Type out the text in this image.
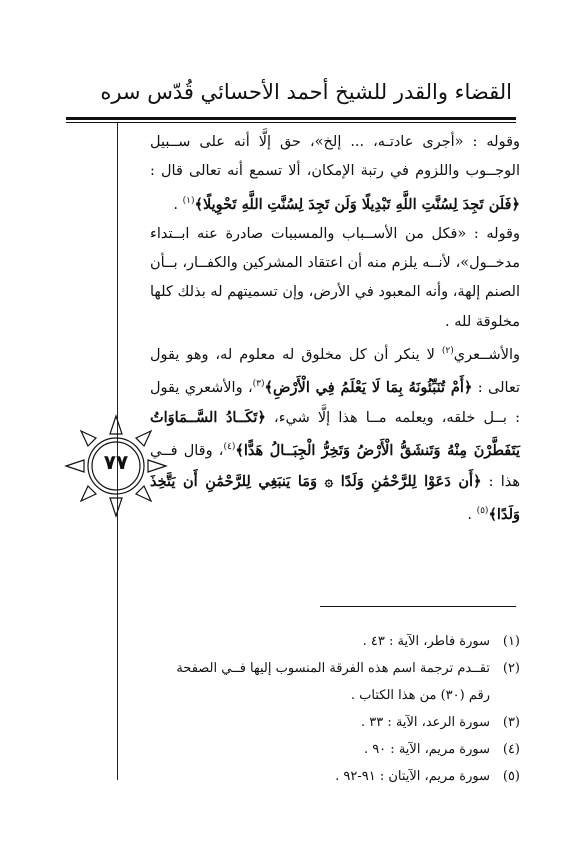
القضاء والقدر للشيخ أحمد الأحسائي قُدّس سره
٧٧

وقوله : «أجرى عادتـه، ... إلخ»، حق إلَّا أنه على ســبيل الوجــوب واللزوم في رتبة الإمكان، ألا تسمع أنه تعالى قال : ﴿فَلَن تَجِدَ لِسُنَّتِ اللَّهِ تَبْدِيلًا وَلَن تَجِدَ لِسُنَّتِ اللَّهِ تَحْوِيلًا﴾$^{(١)}$ .

وقوله : «فكل من الأســباب والمسببات صادرة عنه ابــتداء مدخــول»، لأنــه يلزم منه أن اعتقاد المشركين والكفــار، بــأن الصنم إلهة، وأنه المعبود في الأرض، وإن تسميتهم له بذلك كلها مخلوقة لله .

والأشــعري$^{(٢)}$ لا ينكر أن كل مخلوق له معلوم له، وهو يقول تعالى : ﴿أَمْ تُنَبِّئُونَهُ بِمَا لَا يَعْلَمُ فِي الْأَرْضِ﴾$^{(٣)}$، والأشعري يقول : بــل خلقه، ويعلمه مــا هذا إلَّا شيء، ﴿تَكَــادُ السَّــمَاوَاتُ يَتَفَطَّرْنَ مِنْهُ وَتَنشَقُّ الْأَرْضُ وَتَخِرُّ الْجِبَــالُ هَدًّا﴾$^{(٤)}$، وقال فــي هذا : ﴿أَن دَعَوْا لِلرَّحْمَٰنِ وَلَدًا ۞ وَمَا يَنبَغِي لِلرَّحْمَٰنِ أَن يَتَّخِذَ وَلَدًا﴾$^{(٥)}$ .

(١)سورة فاطر، الآية : ٤٣ .
(٢)تقــدم ترجمة اسم هذه الفرقة المنسوب إليها فــي الصفحة
رقم (٣٠) من هذا الكتاب .
(٣)سورة الرعد، الآية : ٣٣ .
(٤)سورة مريم، الآية : ٩٠ .
(٥)سورة مريم، الآيتان : ٩١-٩٢ .
